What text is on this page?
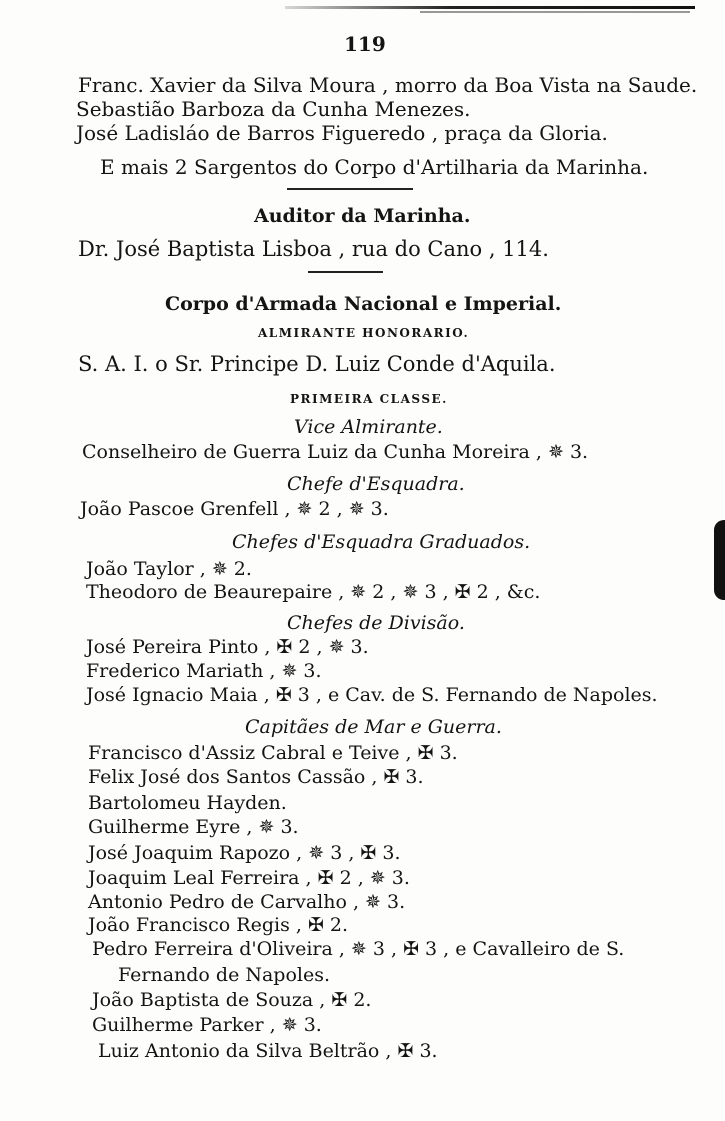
119
Franc. Xavier da Silva Moura , morro da Boa Vista na Saude.
Sebastião Barboza da Cunha Menezes.
José Ladisláo de Barros Figueredo , praça da Gloria.
E mais 2 Sargentos do Corpo d'Artilharia da Marinha.
Auditor da Marinha.
Dr. José Baptista Lisboa , rua do Cano , 114.
Corpo d'Armada Nacional e Imperial.
ALMIRANTE HONORARIO.
S. A. I. o Sr. Principe D. Luiz Conde d'Aquila.
PRIMEIRA CLASSE.
Vice Almirante.
Conselheiro de Guerra Luiz da Cunha Moreira , ✵ 3.
Chefe d'Esquadra.
João Pascoe Grenfell , ✵ 2 , ✵ 3.
Chefes d'Esquadra Graduados.
João Taylor , ✵ 2.
Theodoro de Beaurepaire , ✵ 2 , ✵ 3 , ✠ 2 , &c.
Chefes de Divisão.
José Pereira Pinto , ✠ 2 , ✵ 3.
Frederico Mariath , ✵ 3.
José Ignacio Maia , ✠ 3 , e Cav. de S. Fernando de Napoles.
Capitães de Mar e Guerra.
Francisco d'Assiz Cabral e Teive , ✠ 3.
Felix José dos Santos Cassão , ✠ 3.
Bartolomeu Hayden.
Guilherme Eyre , ✵ 3.
José Joaquim Rapozo , ✵ 3 , ✠ 3.
Joaquim Leal Ferreira , ✠ 2 , ✵ 3.
Antonio Pedro de Carvalho , ✵ 3.
João Francisco Regis , ✠ 2.
Pedro Ferreira d'Oliveira , ✵ 3 , ✠ 3 , e Cavalleiro de S.
Fernando de Napoles.
João Baptista de Souza , ✠ 2.
Guilherme Parker , ✵ 3.
Luiz Antonio da Silva Beltrão , ✠ 3.
